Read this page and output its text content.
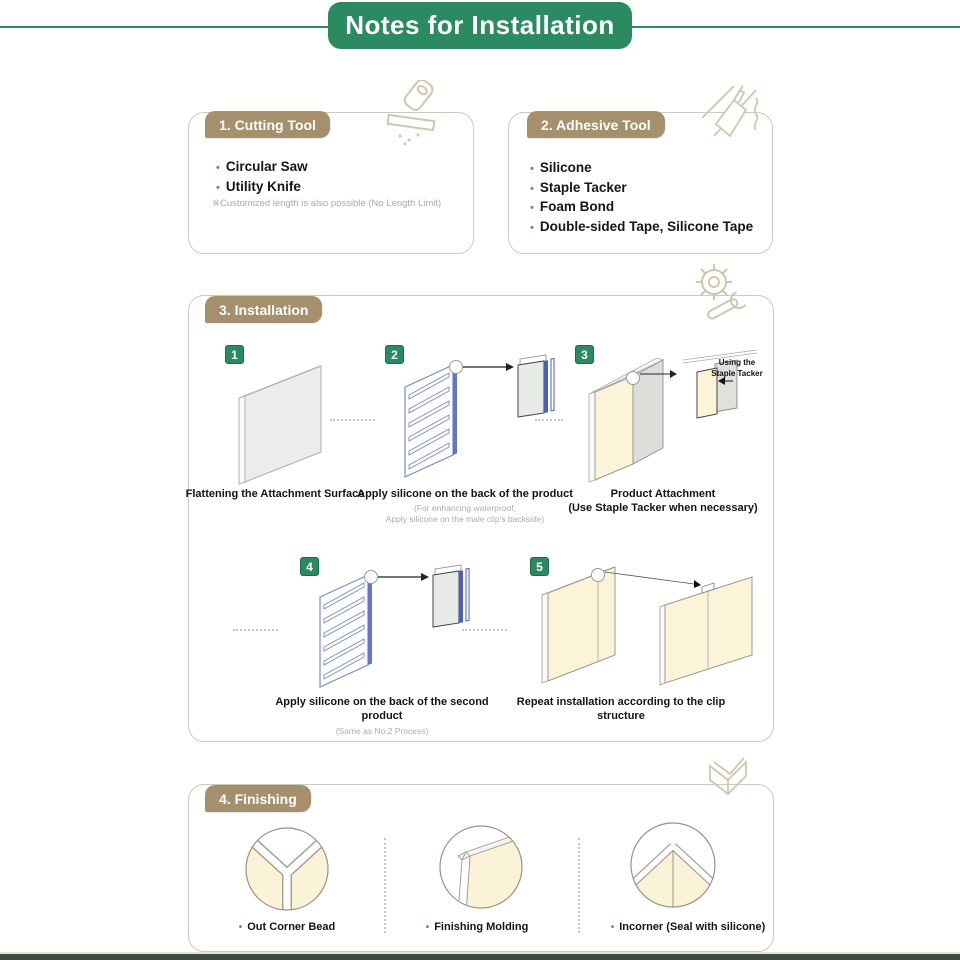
Notes for Installation
1. Cutting Tool
• Circular Saw
• Utility Knife
※Customized length is also possible (No Length Limit)
2. Adhesive Tool
• Silicone
• Staple Tacker
• Foam Bond
• Double-sided Tape, Silicone Tape
3. Installation
1	2	3
4	5
Using the
Staple Tacker
Flattening the Attachment Surface
Apply silicone on the back of the product
(For enhancing waterproof,
Apply silicone on the male clip's backside)
Product Attachment
(Use Staple Tacker when necessary)
Apply silicone on the back of the second product
(Same as No.2 Process)
Repeat installation according to the clip structure
4. Finishing
• Out Corner Bead	• Finishing Molding	• Incorner (Seal with silicone)
